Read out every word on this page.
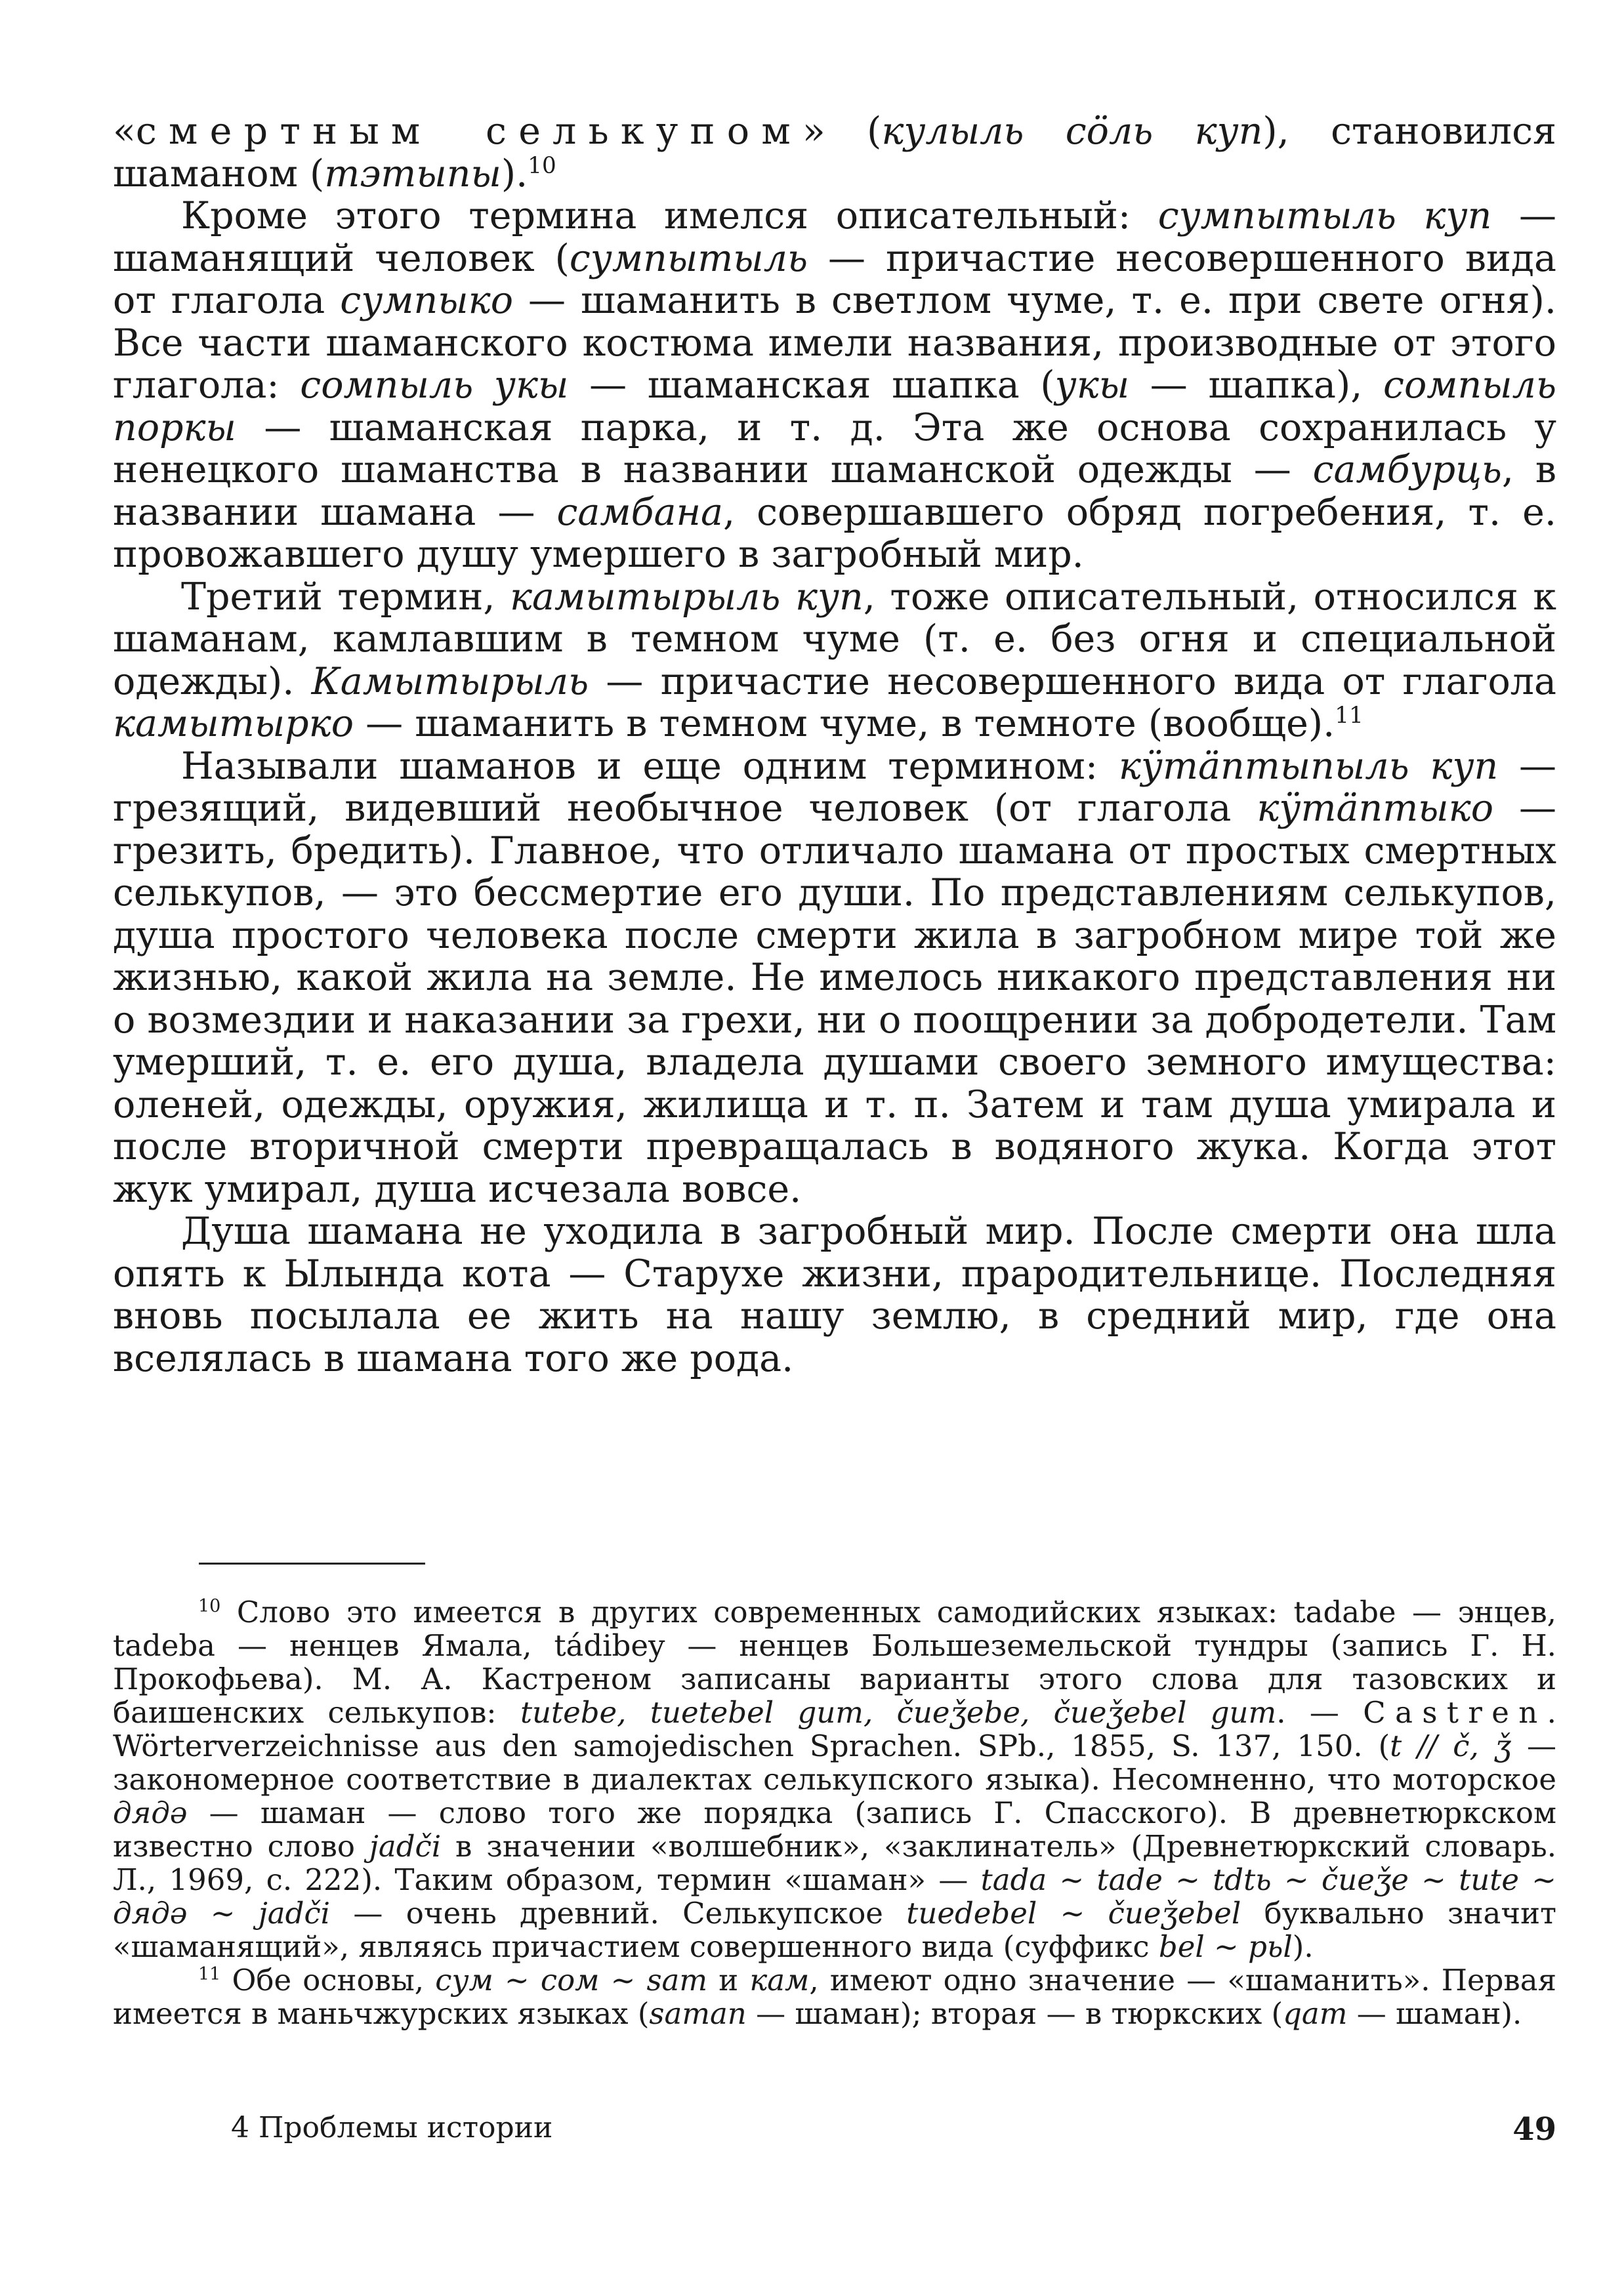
«смертным селькупом» (кулыль сöль куп), становился шаманом (тэтыпы).$^{10}$

Кроме этого термина имелся описательный: сумпытыль куп — шаманящий человек (сумпытыль — причастие несовершенного вида от глагола сумпыко — шаманить в светлом чуме, т. е. при свете огня). Все части шаманского костюма имели названия, производные от этого глагола: сомпыль укы — шаманская шапка (укы — шапка), сомпыль поркы — шаманская парка, и т. д. Эта же основа сохранилась у ненецкого шаманства в названии шаманской одежды — самбурць, в названии шамана — самбана, совершавшего обряд погребения, т. е. провожавшего душу умершего в загробный мир.

Третий термин, камытырыль куп, тоже описательный, относился к шаманам, камлавшим в темном чуме (т. е. без огня и специальной одежды). Камытырыль — причастие несовершенного вида от глагола камытырко — шаманить в темном чуме, в темноте (вообще).$^{11}$

Называли шаманов и еще одним термином: кӱтäптыпыль куп — грезящий, видевший необычное человек (от глагола кӱтäптыко — грезить, бредить). Главное, что отличало шамана от простых смертных селькупов, — это бессмертие его души. По представлениям селькупов, душа простого человека после смерти жила в загробном мире той же жизнью, какой жила на земле. Не имелось никакого представления ни о возмездии и наказании за грехи, ни о поощрении за добродетели. Там умерший, т. е. его душа, владела душами своего земного имущества: оленей, одежды, оружия, жилища и т. п. Затем и там душа умирала и после вторичной смерти превращалась в водяного жука. Когда этот жук умирал, душа исчезала вовсе.

Душа шамана не уходила в загробный мир. После смерти она шла опять к Ылында кота — Старухе жизни, прародительнице. Последняя вновь посылала ее жить на нашу землю, в средний мир, где она вселялась в шамана того же рода.

$^{10}$ Слово это имеется в других современных самодийских языках: tadabe — энцев, tadeba — ненцев Ямала, tádibey — ненцев Большеземельской тундры (запись Г. Н. Прокофьева). М. А. Кастреном записаны варианты этого слова для тазовских и баишенских селькупов: tutebe, tuetebel gum, čueǯebe, čueǯebel gum. — Castren. Wörterverzeichnisse aus den samojedischen Sprachen. SPb., 1855, S. 137, 150. (t // č, ǯ — закономерное соответствие в диалектах селькупского языка). Несомненно, что моторское дядә — шаман — слово того же порядка (запись Г. Спасского). В древнетюркском известно слово jadči в значении «волшебник», «заклинатель» (Древнетюркский словарь. Л., 1969, с. 222). Таким образом, термин «шаман» — tada ∼ tade ∼ tdtь ∼ čueǯe ∼ tute ∼ дядә ∼ jadči — очень древний. Селькупское tuedebel ∼ čueǯebel буквально значит «шаманящий», являясь причастием совершенного вида (суффикс bel ∼ рьl).

$^{11}$ Обе основы, сум ∼ сом ∼ sam и кам, имеют одно значение — «шаманить». Первая имеется в маньчжурских языках (saman — шаман); вторая — в тюркских (qam — шаман).

4 Проблемы истории	49
